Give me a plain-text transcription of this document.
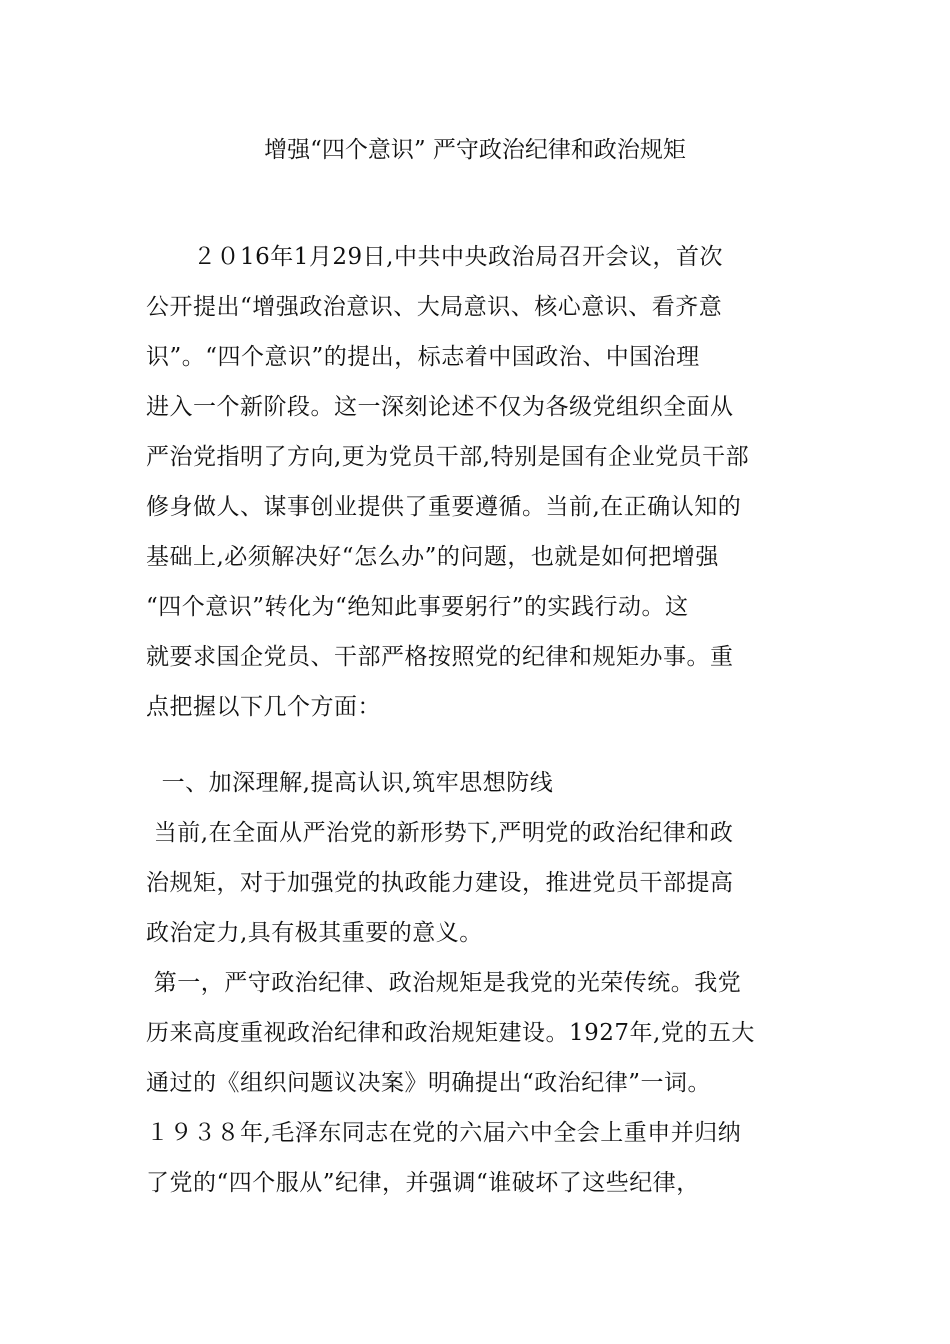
增强“四个意识” 严守政治纪律和政治规矩
　　２０16年1月29日,中共中央政治局召开会议，首次
公开提出“增强政治意识、大局意识、核心意识、看齐意
识”。“四个意识”的提出，标志着中国政治、中国治理
进入一个新阶段。这一深刻论述不仅为各级党组织全面从
严治党指明了方向,更为党员干部,特别是国有企业党员干部
修身做人、谋事创业提供了重要遵循。当前,在正确认知的
基础上,必须解决好“怎么办”的问题，也就是如何把增强
“四个意识”转化为“绝知此事要躬行”的实践行动。这
就要求国企党员、干部严格按照党的纪律和规矩办事。重
点把握以下几个方面：
一、加深理解,提高认识,筑牢思想防线
当前,在全面从严治党的新形势下,严明党的政治纪律和政
治规矩，对于加强党的执政能力建设，推进党员干部提高
政治定力,具有极其重要的意义。
第一，严守政治纪律、政治规矩是我党的光荣传统。我党
历来高度重视政治纪律和政治规矩建设。1927年,党的五大
通过的《组织问题议决案》明确提出“政治纪律”一词。
１９３８年,毛泽东同志在党的六届六中全会上重申并归纳
了党的“四个服从”纪律，并强调“谁破坏了这些纪律，
